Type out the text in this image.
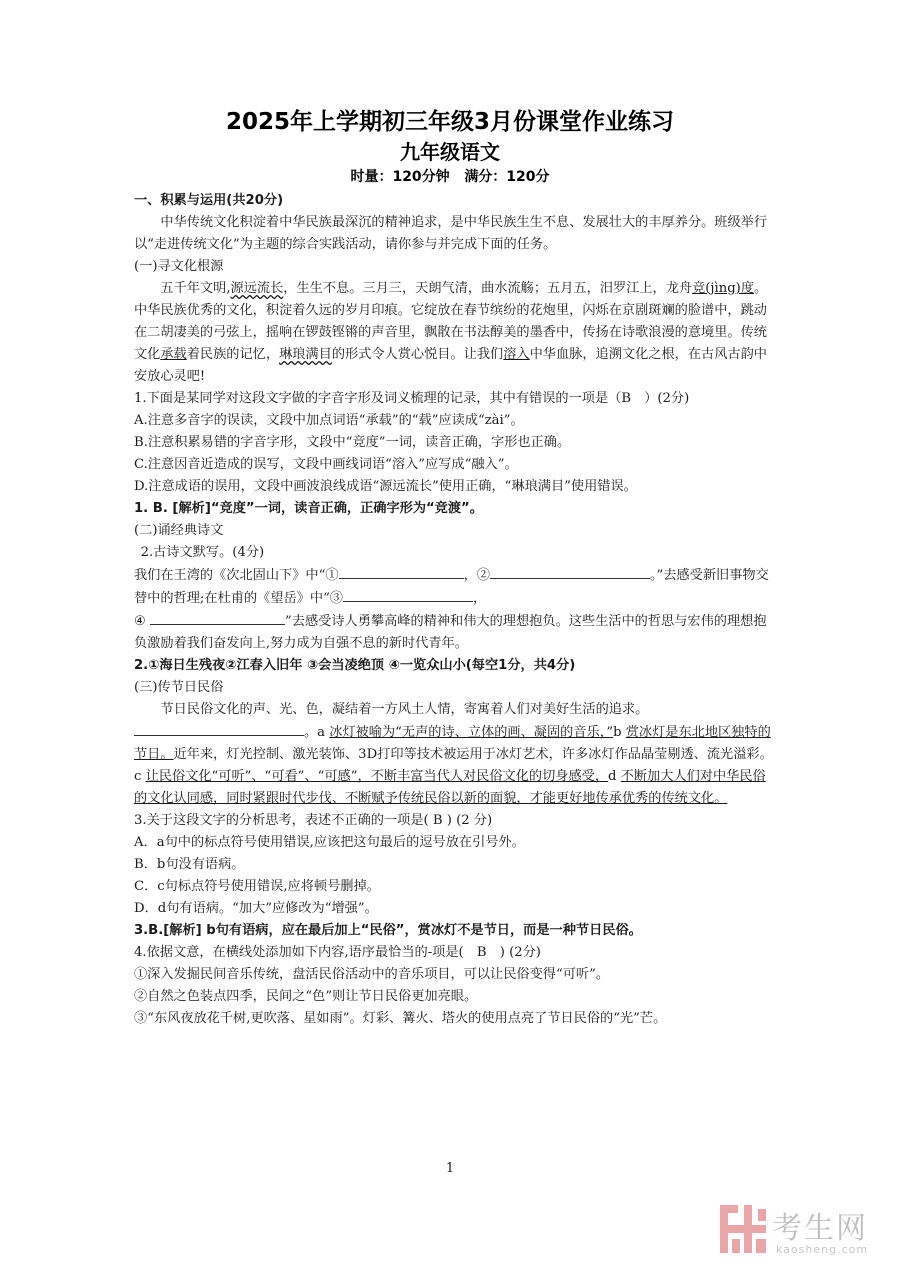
2025年上学期初三年级3月份课堂作业练习
九年级语文
时量：120分钟 满分：120分

一、积累与运用(共20分)

中华传统文化积淀着中华民族最深沉的精神追求，是中华民族生生不息、发展壮大的丰厚养分。班级举行以“走进传统文化”为主题的综合实践活动，请你参与并完成下面的任务。

(一)寻文化根源

五千年文明,源远流长，生生不息。三月三，天朗气清，曲水流觞；五月五，汨罗江上，龙舟竞(jìng)度。中华民族优秀的文化，积淀着久远的岁月印痕。它绽放在春节缤纷的花炮里，闪烁在京剧斑斓的脸谱中，跳动在二胡凄美的弓弦上，摇响在锣鼓铿锵的声音里，飘散在书法醇美的墨香中，传扬在诗歌浪漫的意境里。传统文化承载着民族的记忆，琳琅满目的形式令人赏心悦目。让我们溶入中华血脉，追溯文化之根，在古风古韵中安放心灵吧!

1.下面是某同学对这段文字做的字音字形及词义梳理的记录，其中有错误的一项是（B　）(2分)

A.注意多音字的误读，文段中加点词语“承载”的“载”应读成“zài”。

B.注意积累易错的字音字形，文段中“竞度”一词，读音正确，字形也正确。

C.注意因音近造成的误写，文段中画线词语“溶入”应写成“融入”。

D.注意成语的误用，文段中画波浪线成语“源远流长”使用正确，“琳琅满目”使用错误。

1. B. [解析]“竞度”一词，读音正确，正确字形为“竞渡”。

(二)诵经典诗文

2.古诗文默写。(4分)

我们在王湾的《次北固山下》中“①	，②	。”去感受新旧事物交替中的哲理;在杜甫的《望岳》中“③	，
④	”去感受诗人勇攀高峰的精神和伟大的理想抱负。这些生活中的哲思与宏伟的理想抱负激励着我们奋发向上,努力成为自强不息的新时代青年。

2.①海日生残夜②江春入旧年 ③会当凌绝顶 ④一览众山小(每空1分，共4分)

(三)传节日民俗

节日民俗文化的声、光、色，凝结着一方风土人情，寄寓着人们对美好生活的追求。。a 冰灯被喻为“无声的诗、立体的画、凝固的音乐，”b 赏冰灯是东北地区独特的节日。近年来，灯光控制、激光装饰、3D打印等技术被运用于冰灯艺术，许多冰灯作品晶莹剔透、流光溢彩。c 让民俗文化“可听”、“可看”、“可感”，不断丰富当代人对民俗文化的切身感受，d 不断加大人们对中华民俗的文化认同感，同时紧跟时代步伐、不断赋予传统民俗以新的面貌，才能更好地传承优秀的传统文化。

3.关于这段文字的分析思考，表述不正确的一项是( B ) (2 分)

A．a句中的标点符号使用错误,应该把这句最后的逗号放在引号外。

B．b句没有语病。

C．c句标点符号使用错误,应将顿号删掉。

D．d句有语病。“加大”应修改为“增强”。

3.B.[解析] b句有语病，应在最后加上“民俗”，赏冰灯不是节日，而是一种节日民俗。

4.依据文意，在横线处添加如下内容,语序最恰当的-项是(　B　) (2分)

①深入发掘民间音乐传统，盘活民俗活动中的音乐项目，可以让民俗变得“可听”。

②自然之色装点四季，民间之“色”则让节日民俗更加亮眼。

③“东风夜放花千树,更吹落、星如雨”。灯彩、篝火、塔火的使用点亮了节日民俗的“光”芒。

1
考生网
kaosheng.com
